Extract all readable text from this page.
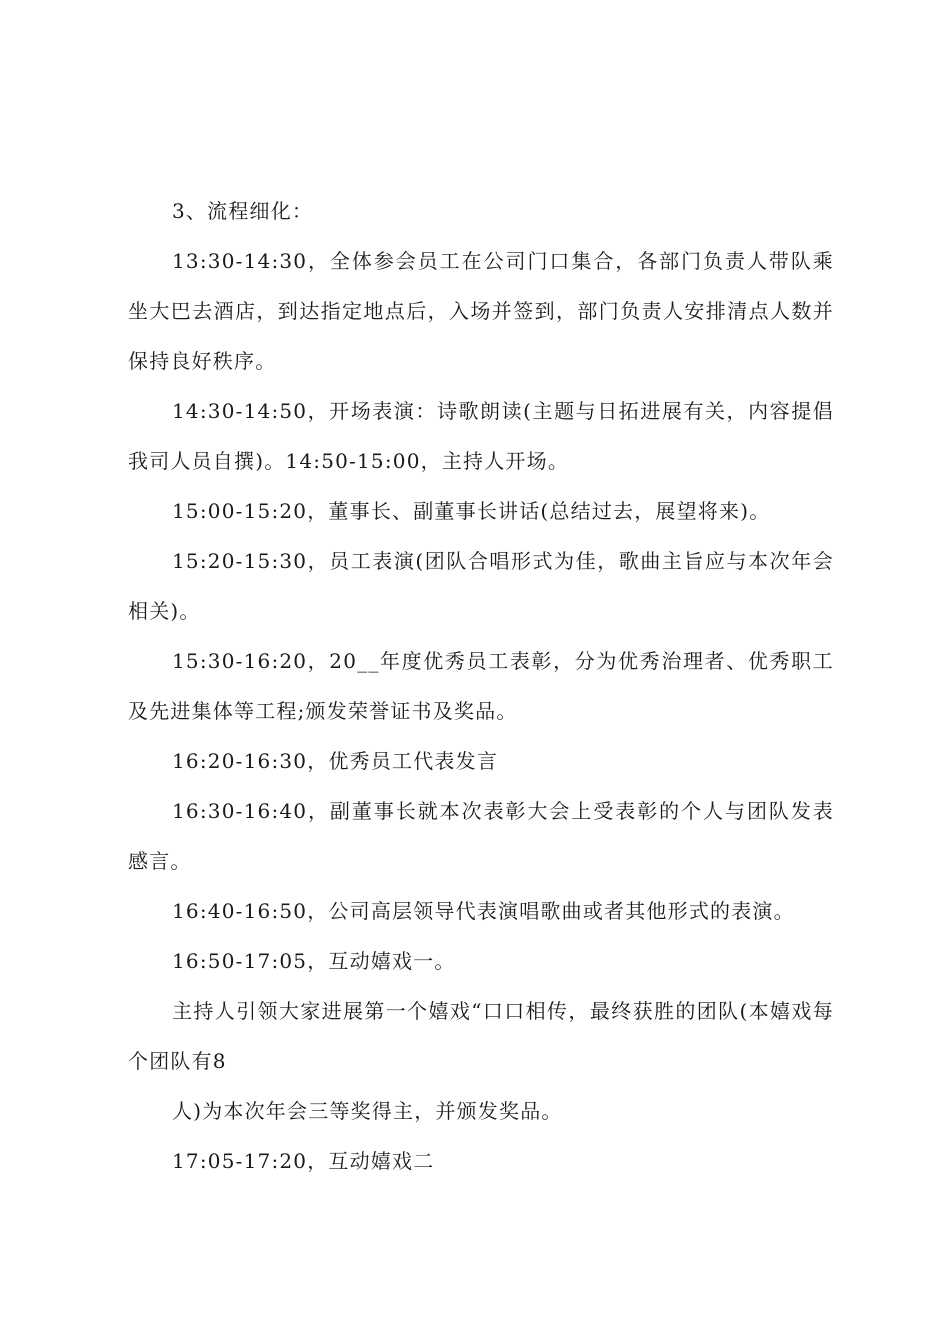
3、流程细化：

13:30-14:30，全体参会员工在公司门口集合，各部门负责人带队乘坐大巴去酒店，到达指定地点后，入场并签到，部门负责人安排清点人数并保持良好秩序。

14:30-14:50，开场表演：诗歌朗读(主题与日拓进展有关，内容提倡我司人员自撰)。14:50-15:00，主持人开场。

15:00-15:20，董事长、副董事长讲话(总结过去，展望将来)。

15:20-15:30，员工表演(团队合唱形式为佳，歌曲主旨应与本次年会相关)。

15:30-16:20，20__年度优秀员工表彰，分为优秀治理者、优秀职工及先进集体等工程;颁发荣誉证书及奖品。

16:20-16:30，优秀员工代表发言

16:30-16:40，副董事长就本次表彰大会上受表彰的个人与团队发表感言。

16:40-16:50，公司高层领导代表演唱歌曲或者其他形式的表演。

16:50-17:05，互动嬉戏一。

主持人引领大家进展第一个嬉戏“口口相传，最终获胜的团队(本嬉戏每个团队有8

人)为本次年会三等奖得主，并颁发奖品。

17:05-17:20，互动嬉戏二
